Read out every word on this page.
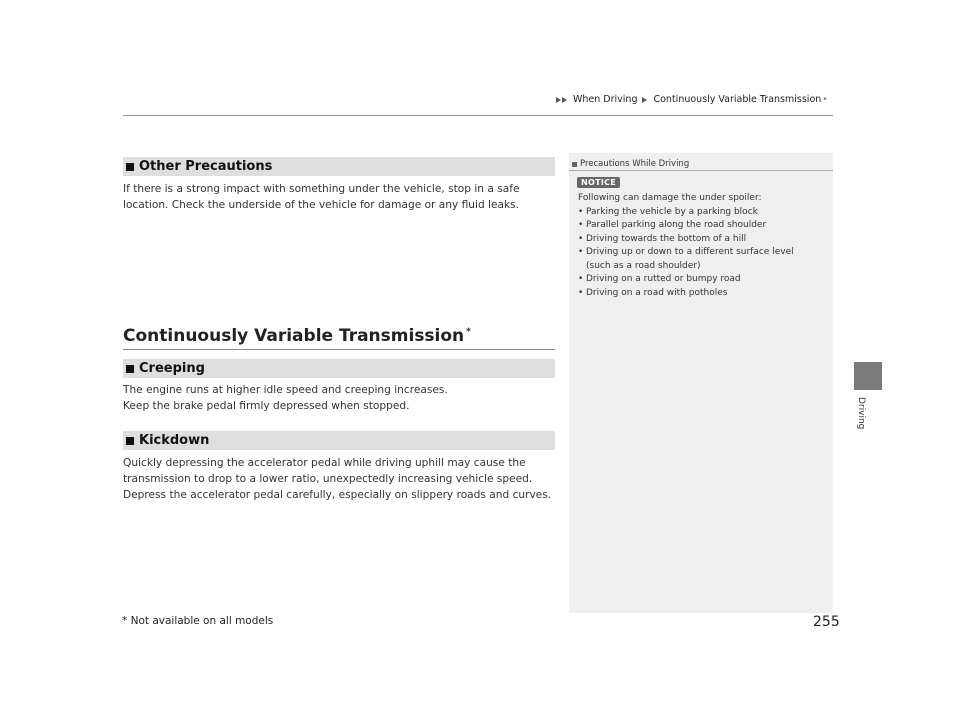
When Driving Continuously Variable Transmission *
Driving
Other Precautions
If there is a strong impact with something under the vehicle, stop in a safe location. Check the underside of the vehicle for damage or any fluid leaks.
Continuously Variable Transmission *
Creeping
The engine runs at higher idle speed and creeping increases.
Keep the brake pedal firmly depressed when stopped.
Kickdown
Quickly depressing the accelerator pedal while driving uphill may cause the transmission to drop to a lower ratio, unexpectedly increasing vehicle speed. Depress the accelerator pedal carefully, especially on slippery roads and curves.
Precautions While Driving
NOTICE
Following can damage the under spoiler:
• Parking the vehicle by a parking block
• Parallel parking along the road shoulder
• Driving towards the bottom of a hill
• Driving up or down to a different surface level
(such as a road shoulder)
• Driving on a rutted or bumpy road
• Driving on a road with potholes
* Not available on all models	255
